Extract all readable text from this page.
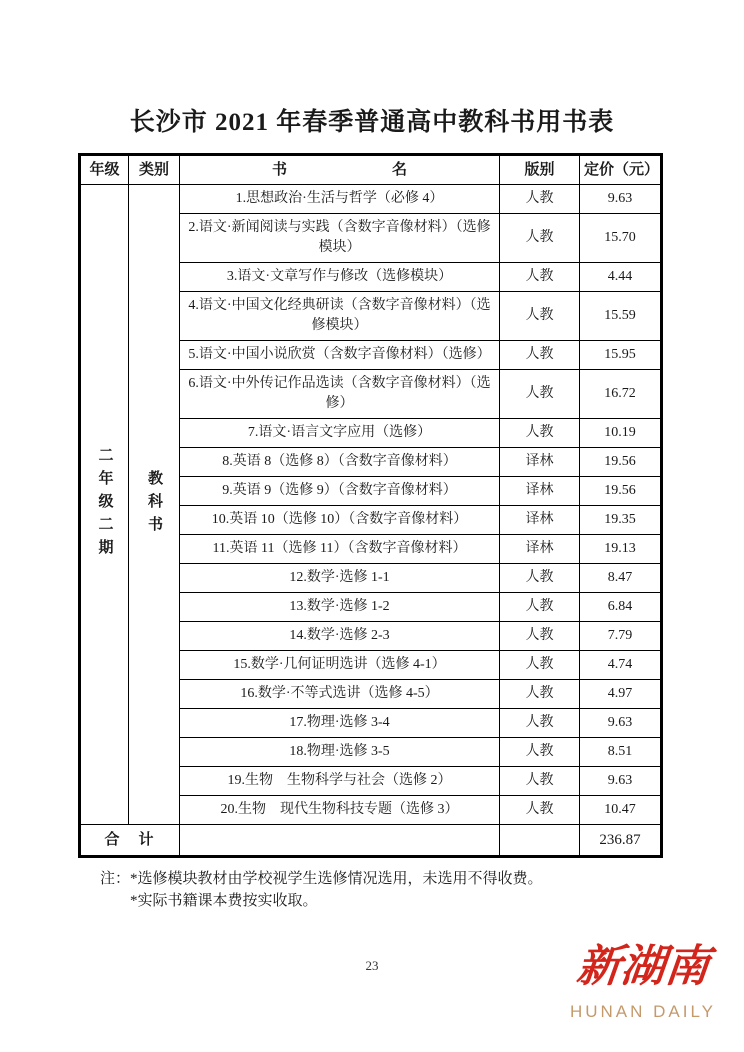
长沙市 2021 年春季普通高中教科书用书表
年级	类别	书　　　　　　　名	版别	定价（元）

二年级二期	教科书	1.思想政治·生活与哲学（必修 4）	人教	9.63
		2.语文·新闻阅读与实践（含数字音像材料）（选修模块）	人教	15.70
		3.语文·文章写作与修改（选修模块）	人教	4.44
		4.语文·中国文化经典研读（含数字音像材料）（选修模块）	人教	15.59
		5.语文·中国小说欣赏（含数字音像材料）（选修）	人教	15.95
		6.语文·中外传记作品选读（含数字音像材料）（选修）	人教	16.72
		7.语文·语言文字应用（选修）	人教	10.19
		8.英语 8（选修 8）（含数字音像材料）	译林	19.56
		9.英语 9（选修 9）（含数字音像材料）	译林	19.56
		10.英语 10（选修 10）（含数字音像材料）	译林	19.35
		11.英语 11（选修 11）（含数字音像材料）	译林	19.13
		12.数学·选修 1-1	人教	8.47
		13.数学·选修 1-2	人教	6.84
		14.数学·选修 2-3	人教	7.79
		15.数学·几何证明选讲（选修 4-1）	人教	4.74
		16.数学·不等式选讲（选修 4-5）	人教	4.97
		17.物理·选修 3-4	人教	9.63
		18.物理·选修 3-5	人教	8.51
		19.生物　生物科学与社会（选修 2）	人教	9.63
		20.生物　现代生物科技专题（选修 3）	人教	10.47
合　计				236.87
注： *选修模块教材由学校视学生选修情况选用，未选用不得收费。
*实际书籍课本费按实收取。
23	新湖南
HUNAN DAILY
